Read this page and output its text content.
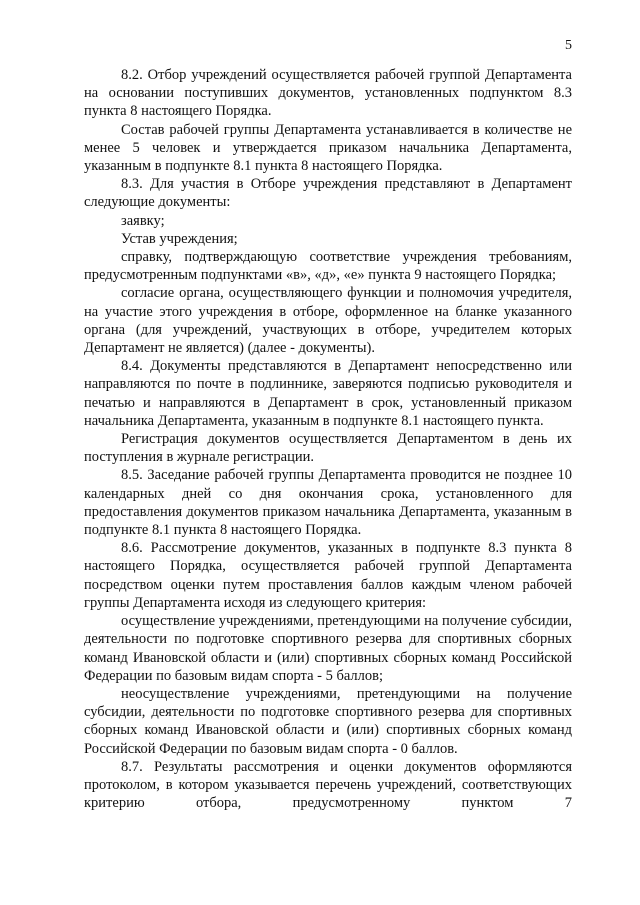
5

8.2. Отбор учреждений осуществляется рабочей группой Департамента на основании поступивших документов, установленных подпунктом 8.3 пункта 8 настоящего Порядка.

Состав рабочей группы Департамента устанавливается в количестве не менее 5 человек и утверждается приказом начальника Департамента, указанным в подпункте 8.1 пункта 8 настоящего Порядка.

8.3. Для участия в Отборе учреждения представляют в Департамент следующие документы:

заявку;

Устав учреждения;

справку, подтверждающую соответствие учреждения требованиям, предусмотренным подпунктами «в», «д», «е» пункта 9 настоящего Порядка;

согласие органа, осуществляющего функции и полномочия учредителя, на участие этого учреждения в отборе, оформленное на бланке указанного органа (для учреждений, участвующих в отборе, учредителем которых Департамент не является) (далее - документы).

8.4. Документы представляются в Департамент непосредственно или направляются по почте в подлиннике, заверяются подписью руководителя и печатью и направляются в Департамент в срок, установленный приказом начальника Департамента, указанным в подпункте 8.1 настоящего пункта.

Регистрация документов осуществляется Департаментом в день их поступления в журнале регистрации.

8.5. Заседание рабочей группы Департамента проводится не позднее 10 календарных дней со дня окончания срока, установленного для предоставления документов приказом начальника Департамента, указанным в подпункте 8.1 пункта 8 настоящего Порядка.

8.6. Рассмотрение документов, указанных в подпункте 8.3 пункта 8 настоящего Порядка, осуществляется рабочей группой Департамента посредством оценки путем проставления баллов каждым членом рабочей группы Департамента исходя из следующего критерия:

осуществление учреждениями, претендующими на получение субсидии, деятельности по подготовке спортивного резерва для спортивных сборных команд Ивановской области и (или) спортивных сборных команд Российской Федерации по базовым видам спорта - 5 баллов;

неосуществление учреждениями, претендующими на получение субсидии, деятельности по подготовке спортивного резерва для спортивных сборных команд Ивановской области и (или) спортивных сборных команд Российской Федерации по базовым видам спорта - 0 баллов.

8.7. Результаты рассмотрения и оценки документов оформляются протоколом, в котором указывается перечень учреждений, соответствующих критерию отбора, предусмотренному пунктом 7
